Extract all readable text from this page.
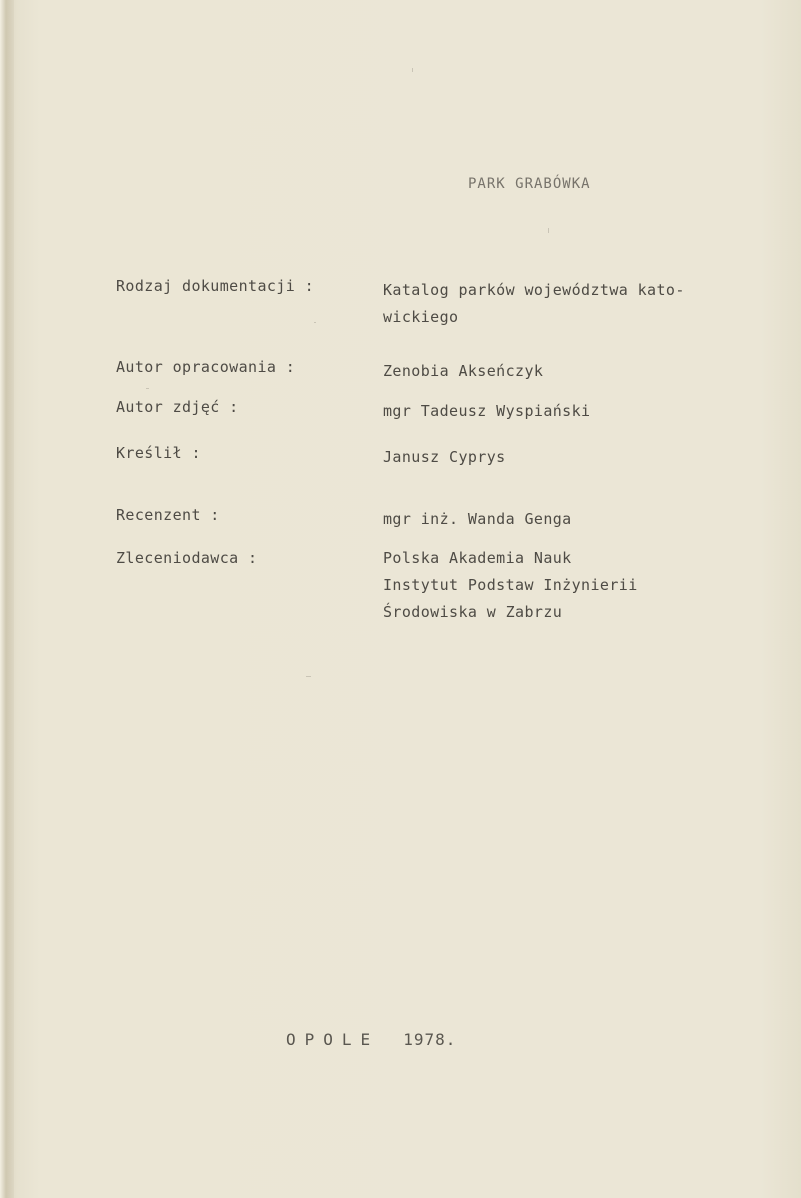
PARK GRABÓWKA
Rodzaj dokumentacji :	Katalog parków województwa kato-
wickiego
Autor opracowania :	Zenobia Akseńczyk
Autor zdjęć :	mgr Tadeusz Wyspiański
Kreślił :	Janusz Cyprys
Recenzent :	mgr inż. Wanda Genga
Zleceniodawca :	Polska Akademia Nauk
Instytut Podstaw Inżynierii
Środowiska w Zabrzu
OPOLE 1978.
